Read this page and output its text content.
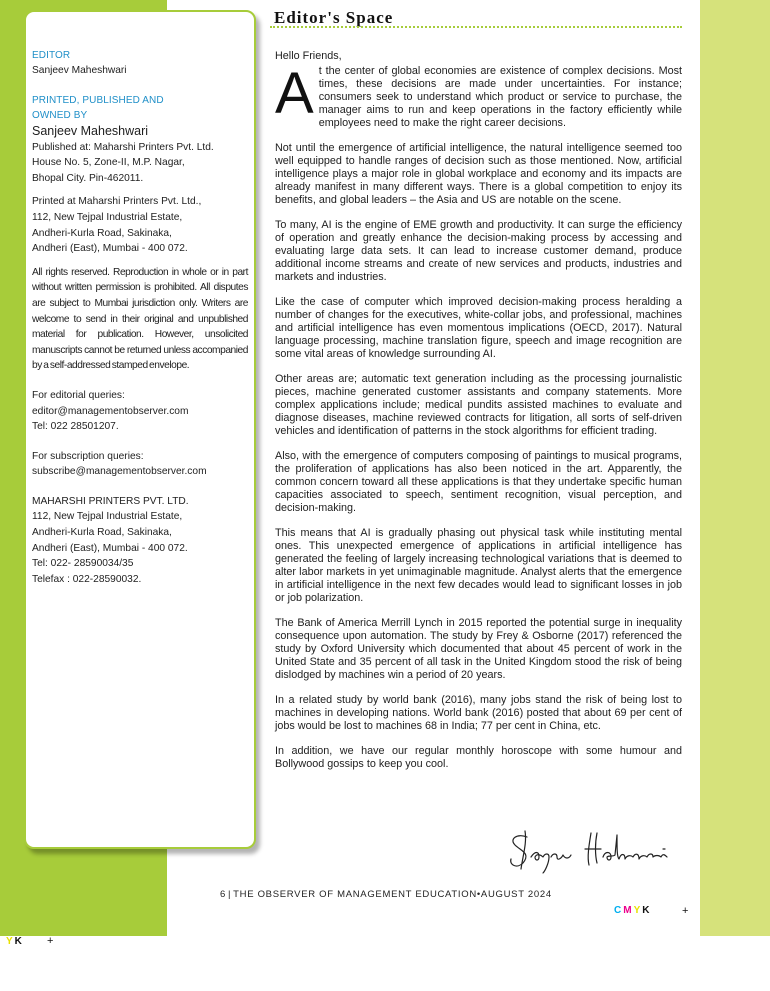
Editor's Space
EDITOR
Sanjeev Maheshwari
PRINTED, PUBLISHED AND
OWNED BY
Sanjeev Maheshwari
Published at: Maharshi Printers Pvt. Ltd.
House No. 5, Zone-II, M.P. Nagar,
Bhopal City. Pin-462011.
Printed at Maharshi Printers Pvt. Ltd.,
112, New Tejpal Industrial Estate,
Andheri-Kurla Road, Sakinaka,
Andheri (East), Mumbai - 400 072.
All rights reserved. Reproduction in whole or in part without written permission is prohibited. All disputes are subject to Mumbai jurisdiction only. Writers are welcome to send in their original and unpublished material for publication. However, unsolicited manuscripts cannot be returned unless accompanied by a self-addressed stamped envelope.
For editorial queries:
editor@managementobserver.com
Tel: 022 28501207.
For subscription queries:
subscribe@managementobserver.com
MAHARSHI PRINTERS PVT. LTD.
112, New Tejpal Industrial Estate,
Andheri-Kurla Road, Sakinaka,
Andheri (East), Mumbai - 400 072.
Tel: 022- 28590034/35
Telefax : 022-28590032.

Hello Friends,

At the center of global economies are existence of complex decisions. Most times, these decisions are made under uncertainties. For instance; consumers seek to understand which product or service to purchase, the manager aims to run and keep operations in the factory efficiently while employees need to make the right career decisions.

Not until the emergence of artificial intelligence, the natural intelligence seemed too well equipped to handle ranges of decision such as those mentioned. Now, artificial intelligence plays a major role in global workplace and economy and its impacts are already manifest in many different ways. There is a global competition to enjoy its benefits, and global leaders – the Asia and US are notable on the scene.

To many, AI is the engine of EME growth and productivity. It can surge the efficiency of operation and greatly enhance the decision-making process by accessing and evaluating large data sets. It can lead to increase customer demand, produce additional income streams and create of new services and products, industries and markets and industries.

Like the case of computer which improved decision-making process heralding a number of changes for the executives, white-collar jobs, and professional, machines and artificial intelligence has even momentous implications (OECD, 2017). Natural language processing, machine translation figure, speech and image recognition are some vital areas of knowledge surrounding AI.

Other areas are; automatic text generation including as the processing journalistic pieces, machine generated customer assistants and company statements. More complex applications include; medical pundits assisted machines to evaluate and diagnose diseases, machine reviewed contracts for litigation, all sorts of self-driven vehicles and identification of patterns in the stock algorithms for efficient trading.

Also, with the emergence of computers composing of paintings to musical programs, the proliferation of applications has also been noticed in the art. Apparently, the common concern toward all these applications is that they undertake specific human capacities associated to speech, sentiment recognition, visual perception, and decision-making.

This means that AI is gradually phasing out physical task while instituting mental ones. This unexpected emergence of applications in artificial intelligence has generated the feeling of largely increasing technological variations that is deemed to alter labor markets in yet unimaginable magnitude. Analyst alerts that the emergence in artificial intelligence in the next few decades would lead to significant losses in job or job polarization.

The Bank of America Merrill Lynch in 2015 reported the potential surge in inequality consequence upon automation. The study by Frey & Osborne (2017) referenced the study by Oxford University which documented that about 45 percent of work in the United State and 35 percent of all task in the United Kingdom stood the risk of being dislodged by machines win a period of 20 years.

In a related study by world bank (2016), many jobs stand the risk of being lost to machines in developing nations. World bank (2016) posted that about 69 per cent of jobs would be lost to machines 68 in India; 77 per cent in China, etc.

In addition, we have our regular monthly horoscope with some humour and Bollywood gossips to keep you cool.

6 | THE OBSERVER OF MANAGEMENT EDUCATION•AUGUST 2024
CMYK	+
YK +
